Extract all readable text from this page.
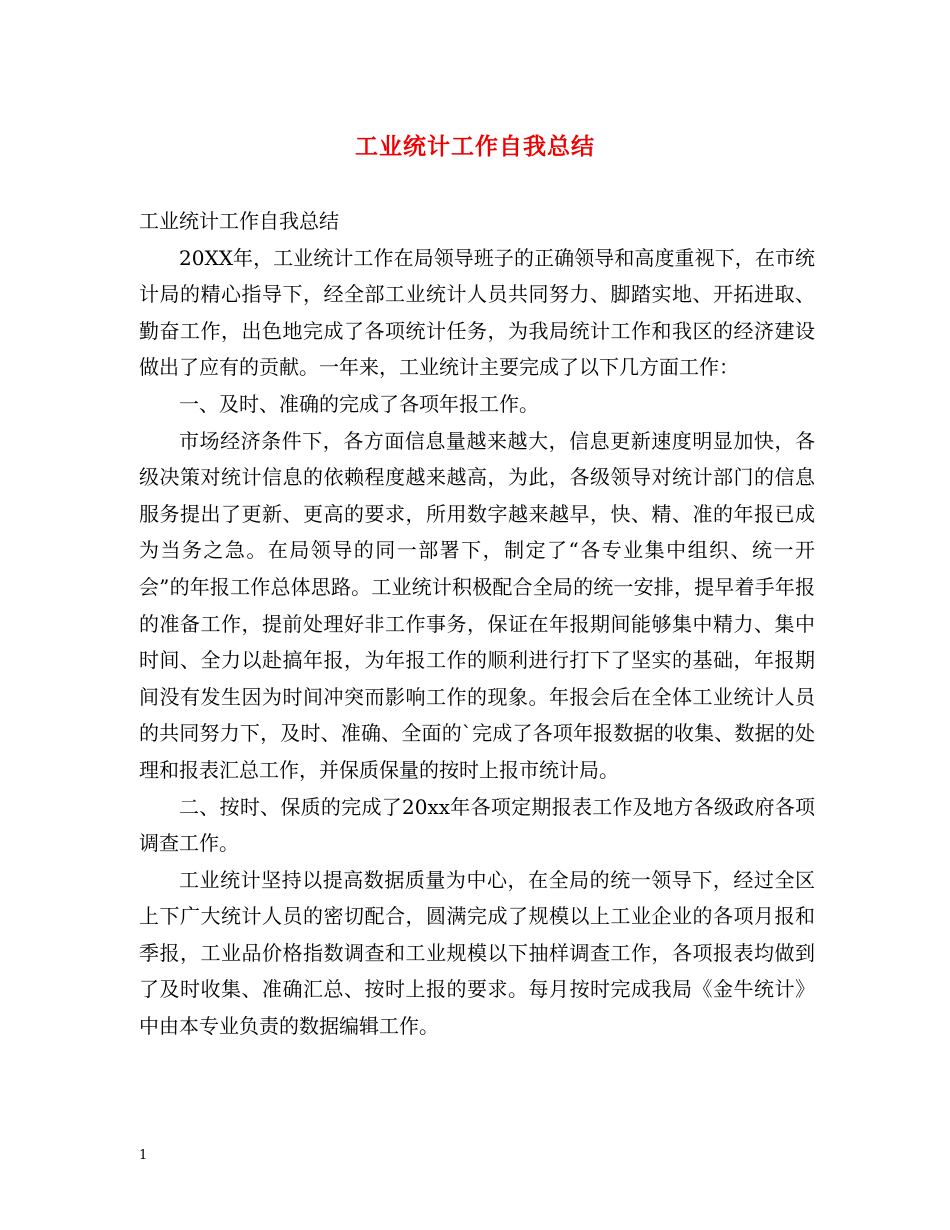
工业统计工作自我总结

工业统计工作自我总结

20XX年，工业统计工作在局领导班子的正确领导和高度重视下，在市统计局的精心指导下，经全部工业统计人员共同努力、脚踏实地、开拓进取、勤奋工作，出色地完成了各项统计任务，为我局统计工作和我区的经济建设做出了应有的贡献。一年来，工业统计主要完成了以下几方面工作：

一、及时、准确的完成了各项年报工作。

市场经济条件下，各方面信息量越来越大，信息更新速度明显加快，各级决策对统计信息的依赖程度越来越高，为此，各级领导对统计部门的信息服务提出了更新、更高的要求，所用数字越来越早，快、精、准的年报已成为当务之急。在局领导的同一部署下，制定了“各专业集中组织、统一开会”的年报工作总体思路。工业统计积极配合全局的统一安排，提早着手年报的准备工作，提前处理好非工作事务，保证在年报期间能够集中精力、集中时间、全力以赴搞年报，为年报工作的顺利进行打下了坚实的基础，年报期间没有发生因为时间冲突而影响工作的现象。年报会后在全体工业统计人员的共同努力下，及时、准确、全面的`完成了各项年报数据的收集、数据的处理和报表汇总工作，并保质保量的按时上报市统计局。

二、按时、保质的完成了20xx年各项定期报表工作及地方各级政府各项调查工作。

工业统计坚持以提高数据质量为中心，在全局的统一领导下，经过全区上下广大统计人员的密切配合，圆满完成了规模以上工业企业的各项月报和季报，工业品价格指数调查和工业规模以下抽样调查工作，各项报表均做到了及时收集、准确汇总、按时上报的要求。每月按时完成我局《金牛统计》中由本专业负责的数据编辑工作。

1
